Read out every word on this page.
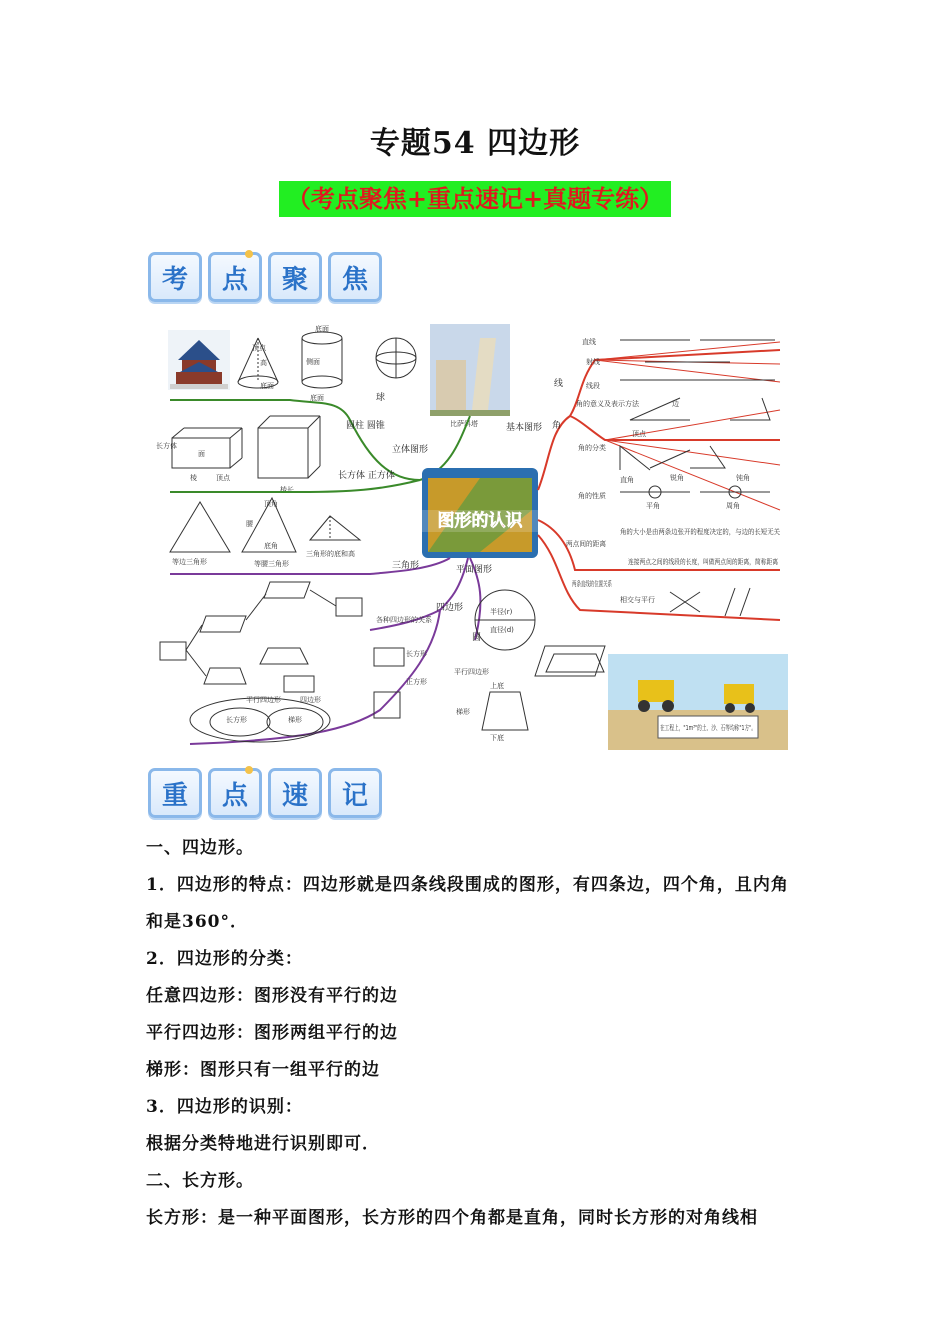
专题54 四边形
（考点聚焦+重点速记+真题专练）
考	点	聚	焦
顶点
高
底面
底面
侧面
底面	球
比萨斜塔
面
棱	顶点
长方体
棱长
圆柱 圆锥
长方体 正方体
立体图形
图形的认识
基本图形
线
直线
射线
线段
角
角的意义及表示方法
角的分类
角的性质
顶点
边
直角	锐角	钝角
平角	周角
角的大小是由两条边张开的程度决定的，与边的长短无关
两点间的距离
连接两点之间的线段的长度，叫做两点间的距离，简称距离
两条直线的位置关系
相交与平行
等边三角形	等腰三角形
三角形的底和高
顶角
腰
底角
三角形	平面图形
四边形
圆
各种四边形的关系
长方形
正方形
平行四边形
梯形
半径(r)
直径(d)
上底
下底
平行四边形	四边形
长方形	梯形
在工程上，"1m³"的土、沙、石等均称"1方"。
重	点	速	记

一、四边形。

1．四边形的特点：四边形就是四条线段围成的图形，有四条边，四个角，且内角和是360°．

2．四边形的分类：

任意四边形：图形没有平行的边

平行四边形：图形两组平行的边

梯形：图形只有一组平行的边

3．四边形的识别：

根据分类特地进行识别即可．

二、长方形。

长方形：是一种平面图形，长方形的四个角都是直角，同时长方形的对角线相
